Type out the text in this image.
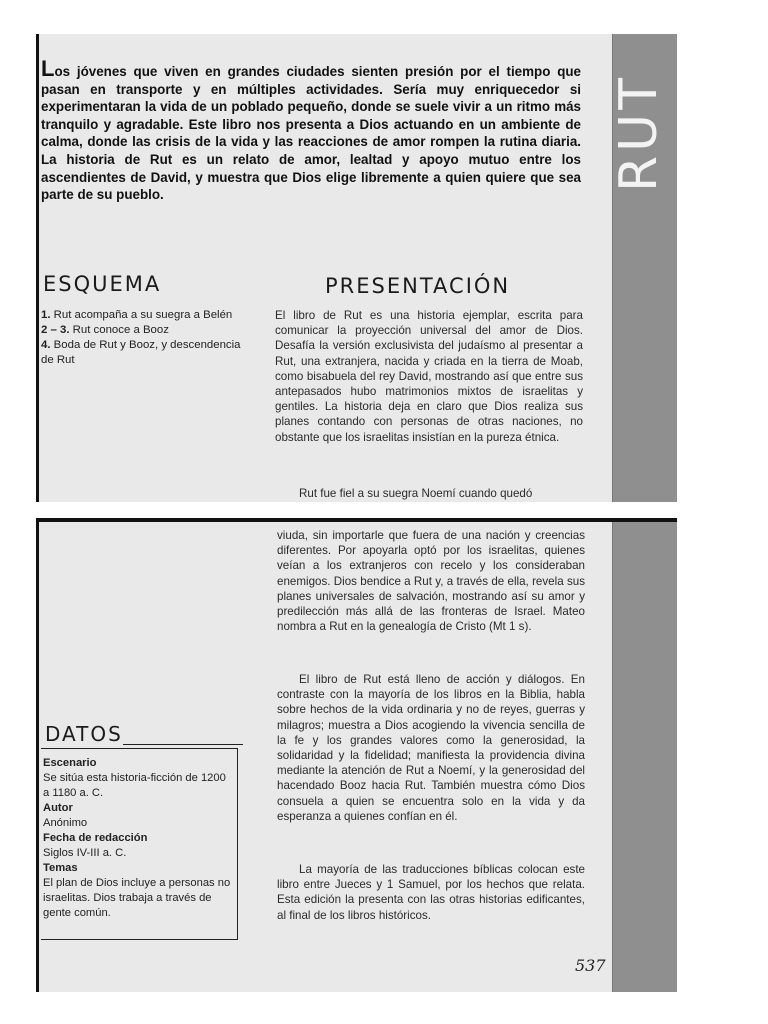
RUT

Los jóvenes que viven en grandes ciudades sienten presión por el tiempo que pasan en transporte y en múltiples actividades. Sería muy enriquecedor si experimentaran la vida de un poblado pequeño, donde se suele vivir a un ritmo más tranquilo y agradable. Este libro nos presenta a Dios actuando en un ambiente de calma, donde las crisis de la vida y las reacciones de amor rompen la rutina diaria. La historia de Rut es un relato de amor, lealtad y apoyo mutuo entre los ascendientes de David, y muestra que Dios elige libremente a quien quiere que sea parte de su pueblo.

ESQUEMA
1. Rut acompaña a su suegra a Belén
2 – 3. Rut conoce a Booz
4. Boda de Rut y Booz, y descendencia de Rut
PRESENTACIÓN

El libro de Rut es una historia ejemplar, escrita para comunicar la proyección universal del amor de Dios. Desafía la versión exclusivista del judaísmo al presentar a Rut, una extranjera, nacida y criada en la tierra de Moab, como bisabuela del rey David, mostrando así que entre sus antepasados hubo matrimonios mixtos de israelitas y gentiles. La historia deja en claro que Dios realiza sus planes contando con personas de otras naciones, no obstante que los israelitas insistían en la pureza étnica.

Rut fue fiel a su suegra Noemí cuando quedó

viuda, sin importarle que fuera de una nación y creencias diferentes. Por apoyarla optó por los israelitas, quienes veían a los extranjeros con recelo y los consideraban enemigos. Dios bendice a Rut y, a través de ella, revela sus planes universales de salvación, mostrando así su amor y predilección más allá de las fronteras de Israel. Mateo nombra a Rut en la genealogía de Cristo (Mt 1 s).

El libro de Rut está lleno de acción y diálogos. En contraste con la mayoría de los libros en la Biblia, habla sobre hechos de la vida ordinaria y no de reyes, guerras y milagros; muestra a Dios acogiendo la vivencia sencilla de la fe y los grandes valores como la generosidad, la solidaridad y la fidelidad; manifiesta la providencia divina mediante la atención de Rut a Noemí, y la generosidad del hacendado Booz hacia Rut. También muestra cómo Dios consuela a quien se encuentra solo en la vida y da esperanza a quienes confían en él.

La mayoría de las traducciones bíblicas colocan este libro entre Jueces y 1 Samuel, por los hechos que relata. Esta edición la presenta con las otras historias edificantes, al final de los libros históricos.

DATOS
Escenario
Se sitúa esta historia-ficción de 1200 a 1180 a. C.
Autor
Anónimo
Fecha de redacción
Siglos IV-III a. C.
Temas
El plan de Dios incluye a personas no israelitas. Dios trabaja a través de gente común.

537
